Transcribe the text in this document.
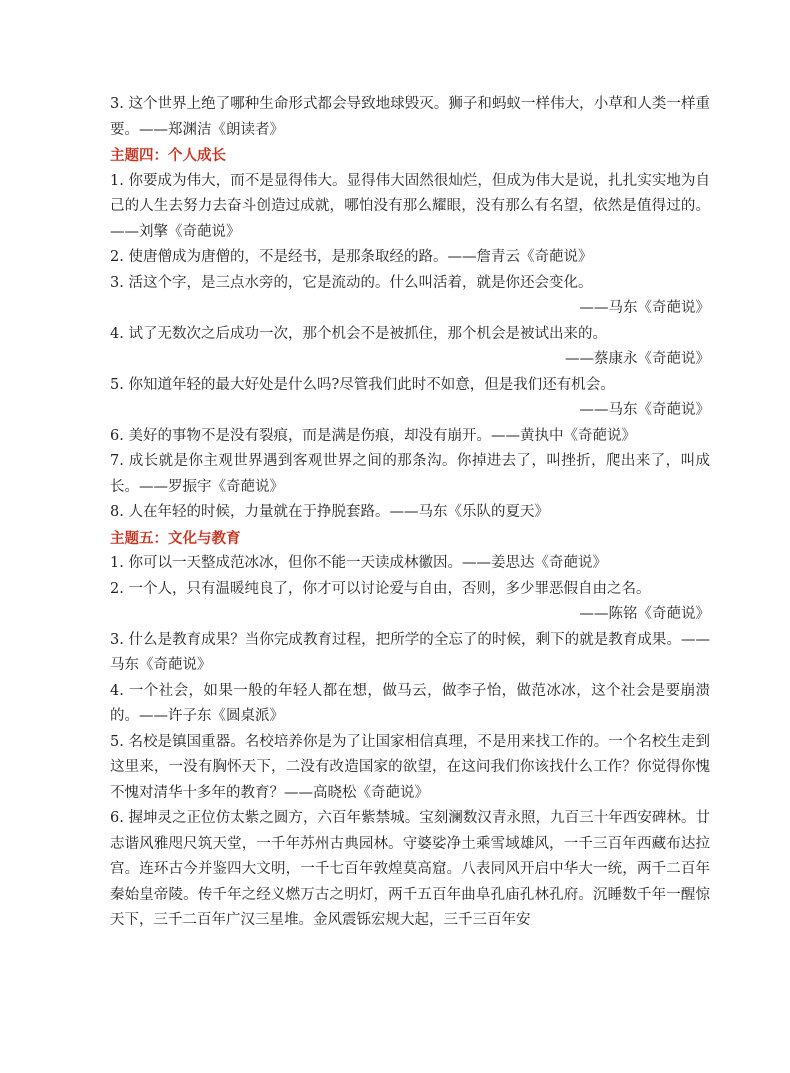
3. 这个世界上绝了哪种生命形式都会导致地球毁灭。狮子和蚂蚁一样伟大，小草和人类一样重要。——郑渊洁《朗读者》

主题四：个人成长

1. 你要成为伟大，而不是显得伟大。显得伟大固然很灿烂，但成为伟大是说，扎扎实实地为自己的人生去努力去奋斗创造过成就，哪怕没有那么耀眼，没有那么有名望，依然是值得过的。——刘擎《奇葩说》

2. 使唐僧成为唐僧的，不是经书，是那条取经的路。——詹青云《奇葩说》

3. 活这个字，是三点水旁的，它是流动的。什么叫活着，就是你还会变化。

——马东《奇葩说》

4. 试了无数次之后成功一次，那个机会不是被抓住，那个机会是被试出来的。

——蔡康永《奇葩说》

5. 你知道年轻的最大好处是什么吗?尽管我们此时不如意，但是我们还有机会。

——马东《奇葩说》

6. 美好的事物不是没有裂痕，而是满是伤痕，却没有崩开。——黄执中《奇葩说》

7. 成长就是你主观世界遇到客观世界之间的那条沟。你掉进去了，叫挫折，爬出来了，叫成长。——罗振宇《奇葩说》

8. 人在年轻的时候，力量就在于挣脱套路。——马东《乐队的夏天》

主题五：文化与教育

1. 你可以一天整成范冰冰，但你不能一天读成林徽因。——姜思达《奇葩说》

2. 一个人，只有温暖纯良了，你才可以讨论爱与自由，否则，多少罪恶假自由之名。

——陈铭《奇葩说》

3. 什么是教育成果？当你完成教育过程，把所学的全忘了的时候，剩下的就是教育成果。——马东《奇葩说》

4. 一个社会，如果一般的年轻人都在想，做马云，做李子怡，做范冰冰，这个社会是要崩溃的。——许子东《圆桌派》

5. 名校是镇国重器。名校培养你是为了让国家相信真理，不是用来找工作的。一个名校生走到这里来，一没有胸怀天下，二没有改造国家的欲望，在这问我们你该找什么工作？你觉得你愧不愧对清华十多年的教育？——高晓松《奇葩说》

6. 握坤灵之正位仿太紫之圆方，六百年紫禁城。宝刻澜数汉青永照，九百三十年西安碑林。廿志谐风雅咫尺筑天堂，一千年苏州古典园林。守婆娑净土乘雪域雄风，一千三百年西藏布达拉宫。连环古今并鉴四大文明，一千七百年敦煌莫高窟。八表同风开启中华大一统，两千二百年秦始皇帝陵。传千年之经义燃万古之明灯，两千五百年曲阜孔庙孔林孔府。沉睡数千年一醒惊天下，三千二百年广汉三星堆。金风震铄宏规大起，三千三百年安
